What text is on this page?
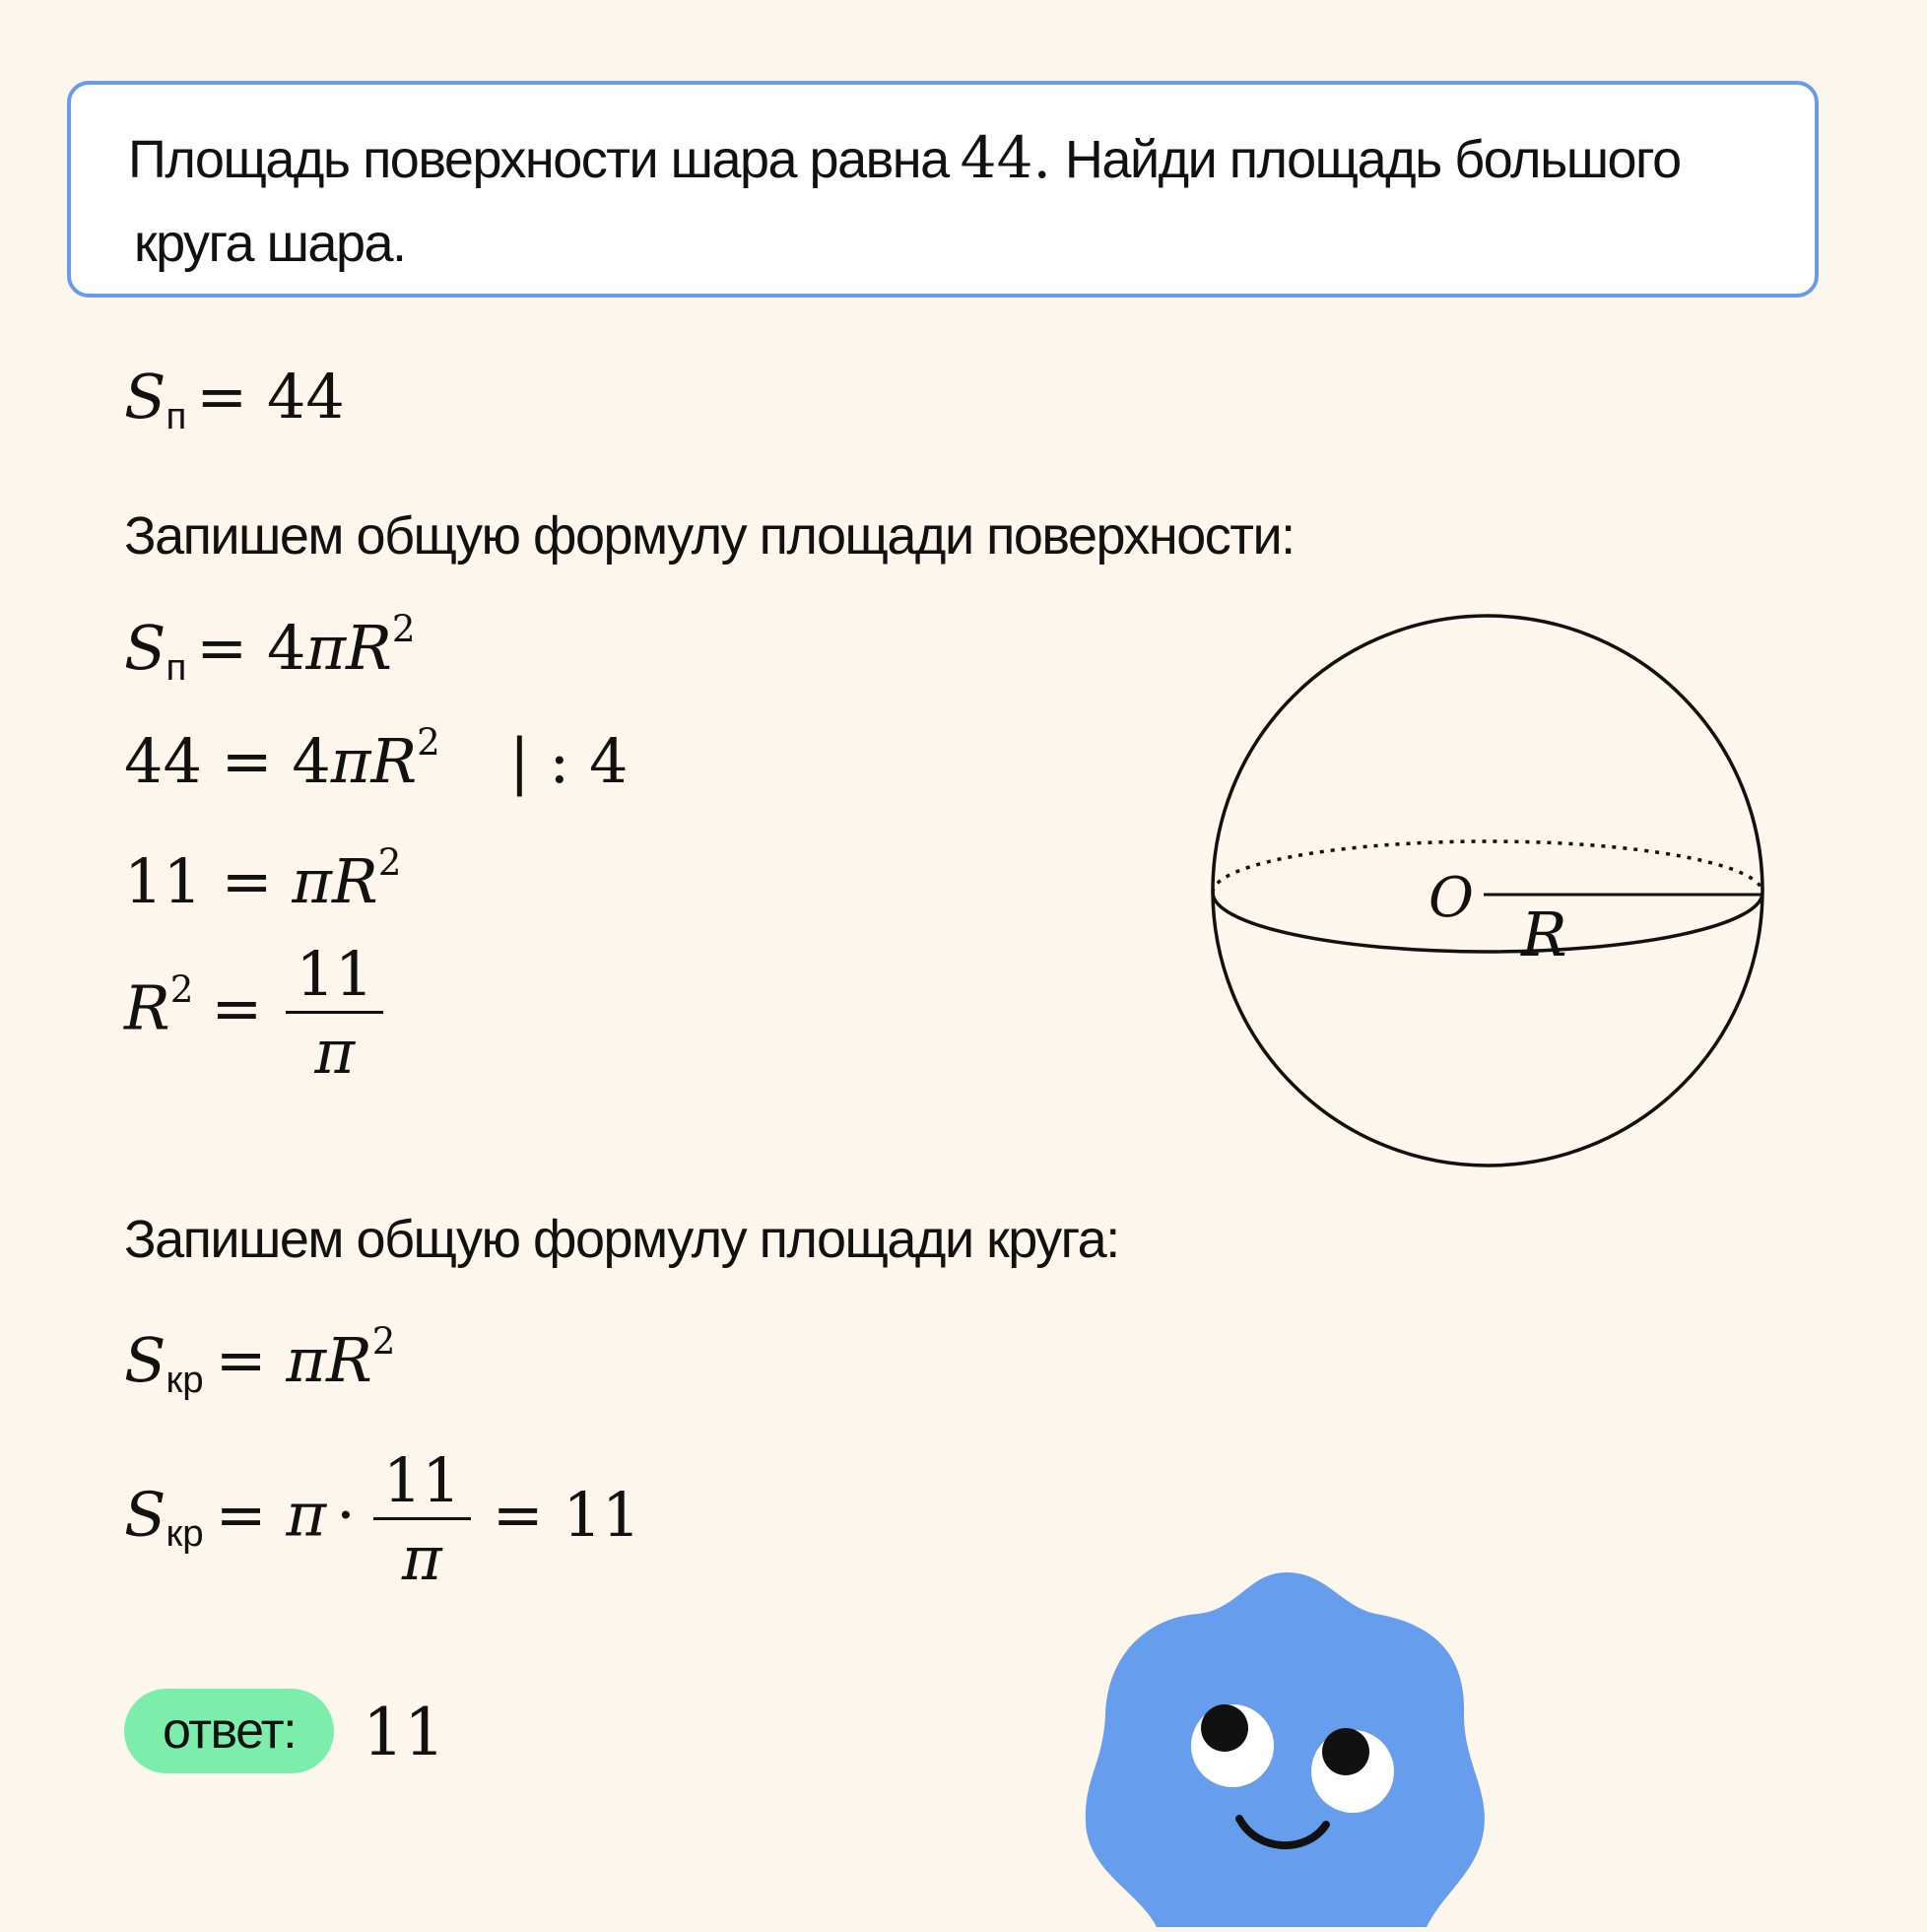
Площадь поверхности шара равна 44. Найди площадь большого
круга шара.
Sп = 44
Запишем общую формулу площади поверхности:
Sп = $4\pi R^2$
$44 = 4\pi R^2$ | : 4
$11 = \pi R^2$
$R^2 = \frac{11}{\pi}$
O
R
Запишем общую формулу площади круга:
Sкр = $\pi R^2$
Sкр = $\pi \cdot \frac{11}{\pi} = 11$
ответ: 11
